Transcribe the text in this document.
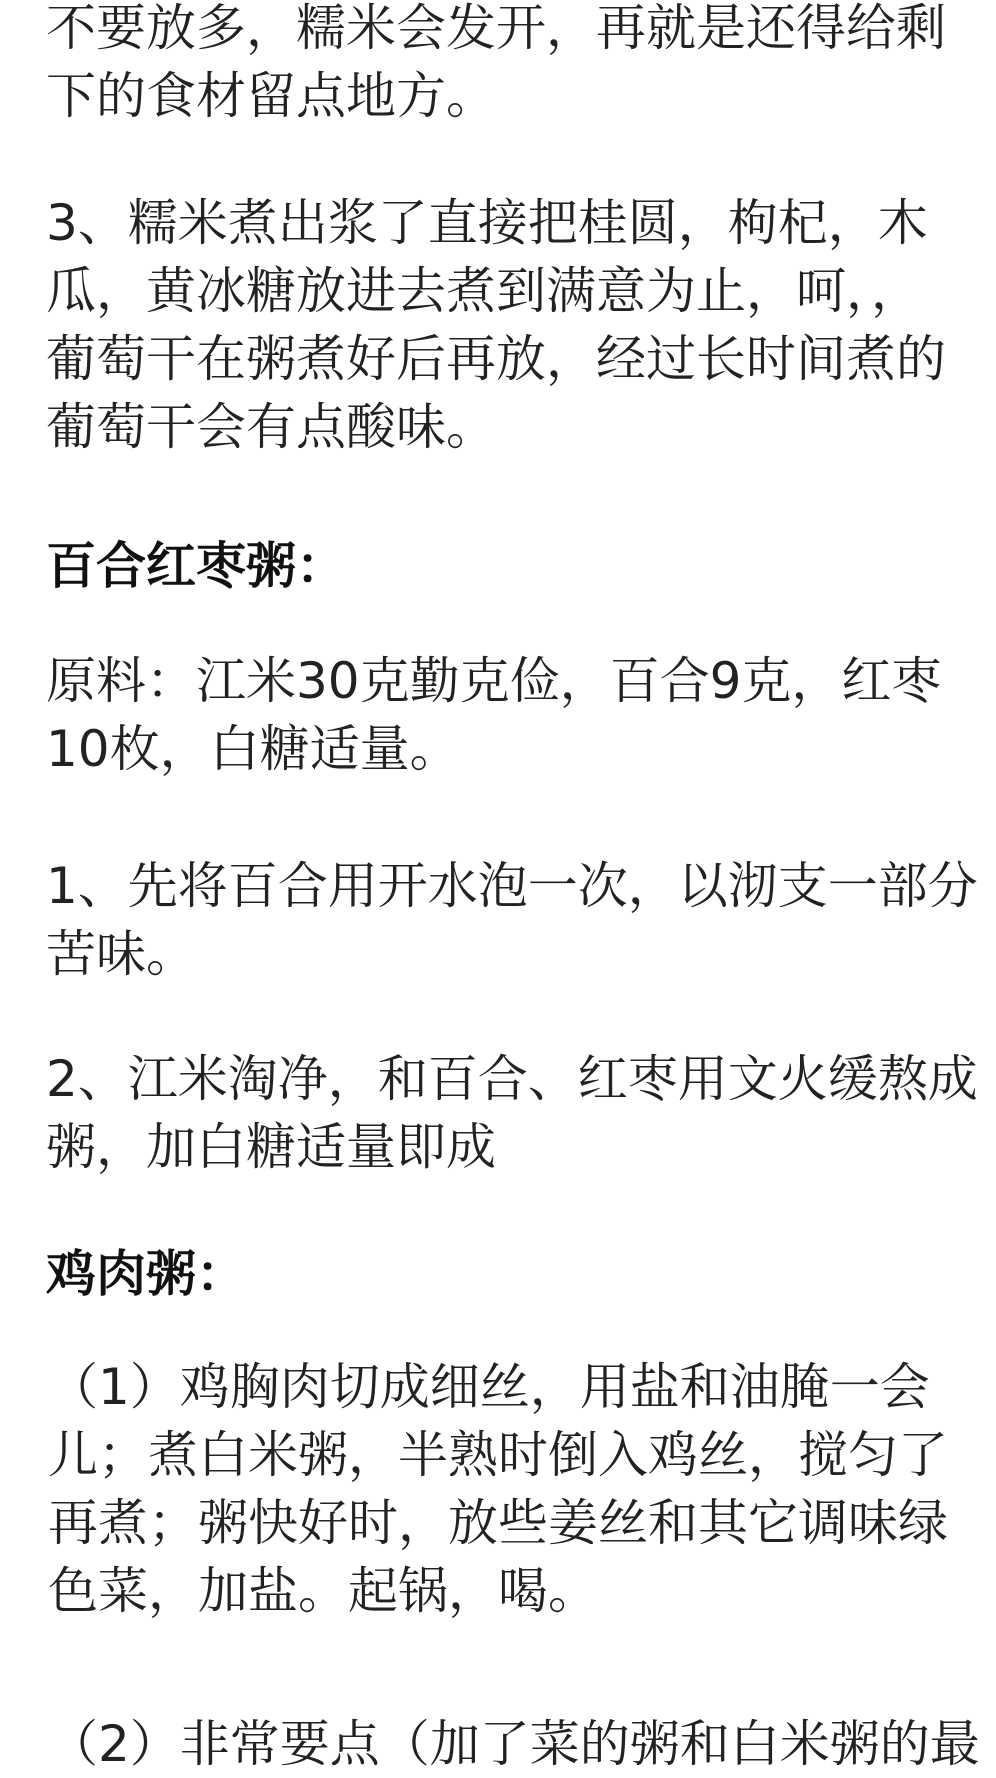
不要放多，糯米会发开，再就是还得给剩
下的食材留点地方。
3、糯米煮出浆了直接把桂圆，枸杞，木
瓜，黄冰糖放进去煮到满意为止，呵，，
葡萄干在粥煮好后再放，经过长时间煮的
葡萄干会有点酸味。
百合红枣粥：
原料：江米30克勤克俭，百合9克，红枣
10枚，白糖适量。
1、先将百合用开水泡一次，以沏支一部分
苦味。
2、江米淘净，和百合、红枣用文火缓熬成
粥，加白糖适量即成
鸡肉粥：
（1）鸡胸肉切成细丝，用盐和油腌一会
儿；煮白米粥，半熟时倒入鸡丝，搅匀了
再煮；粥快好时，放些姜丝和其它调味绿
色菜，加盐。起锅，喝。
（2）非常要点（加了菜的粥和白米粥的最
